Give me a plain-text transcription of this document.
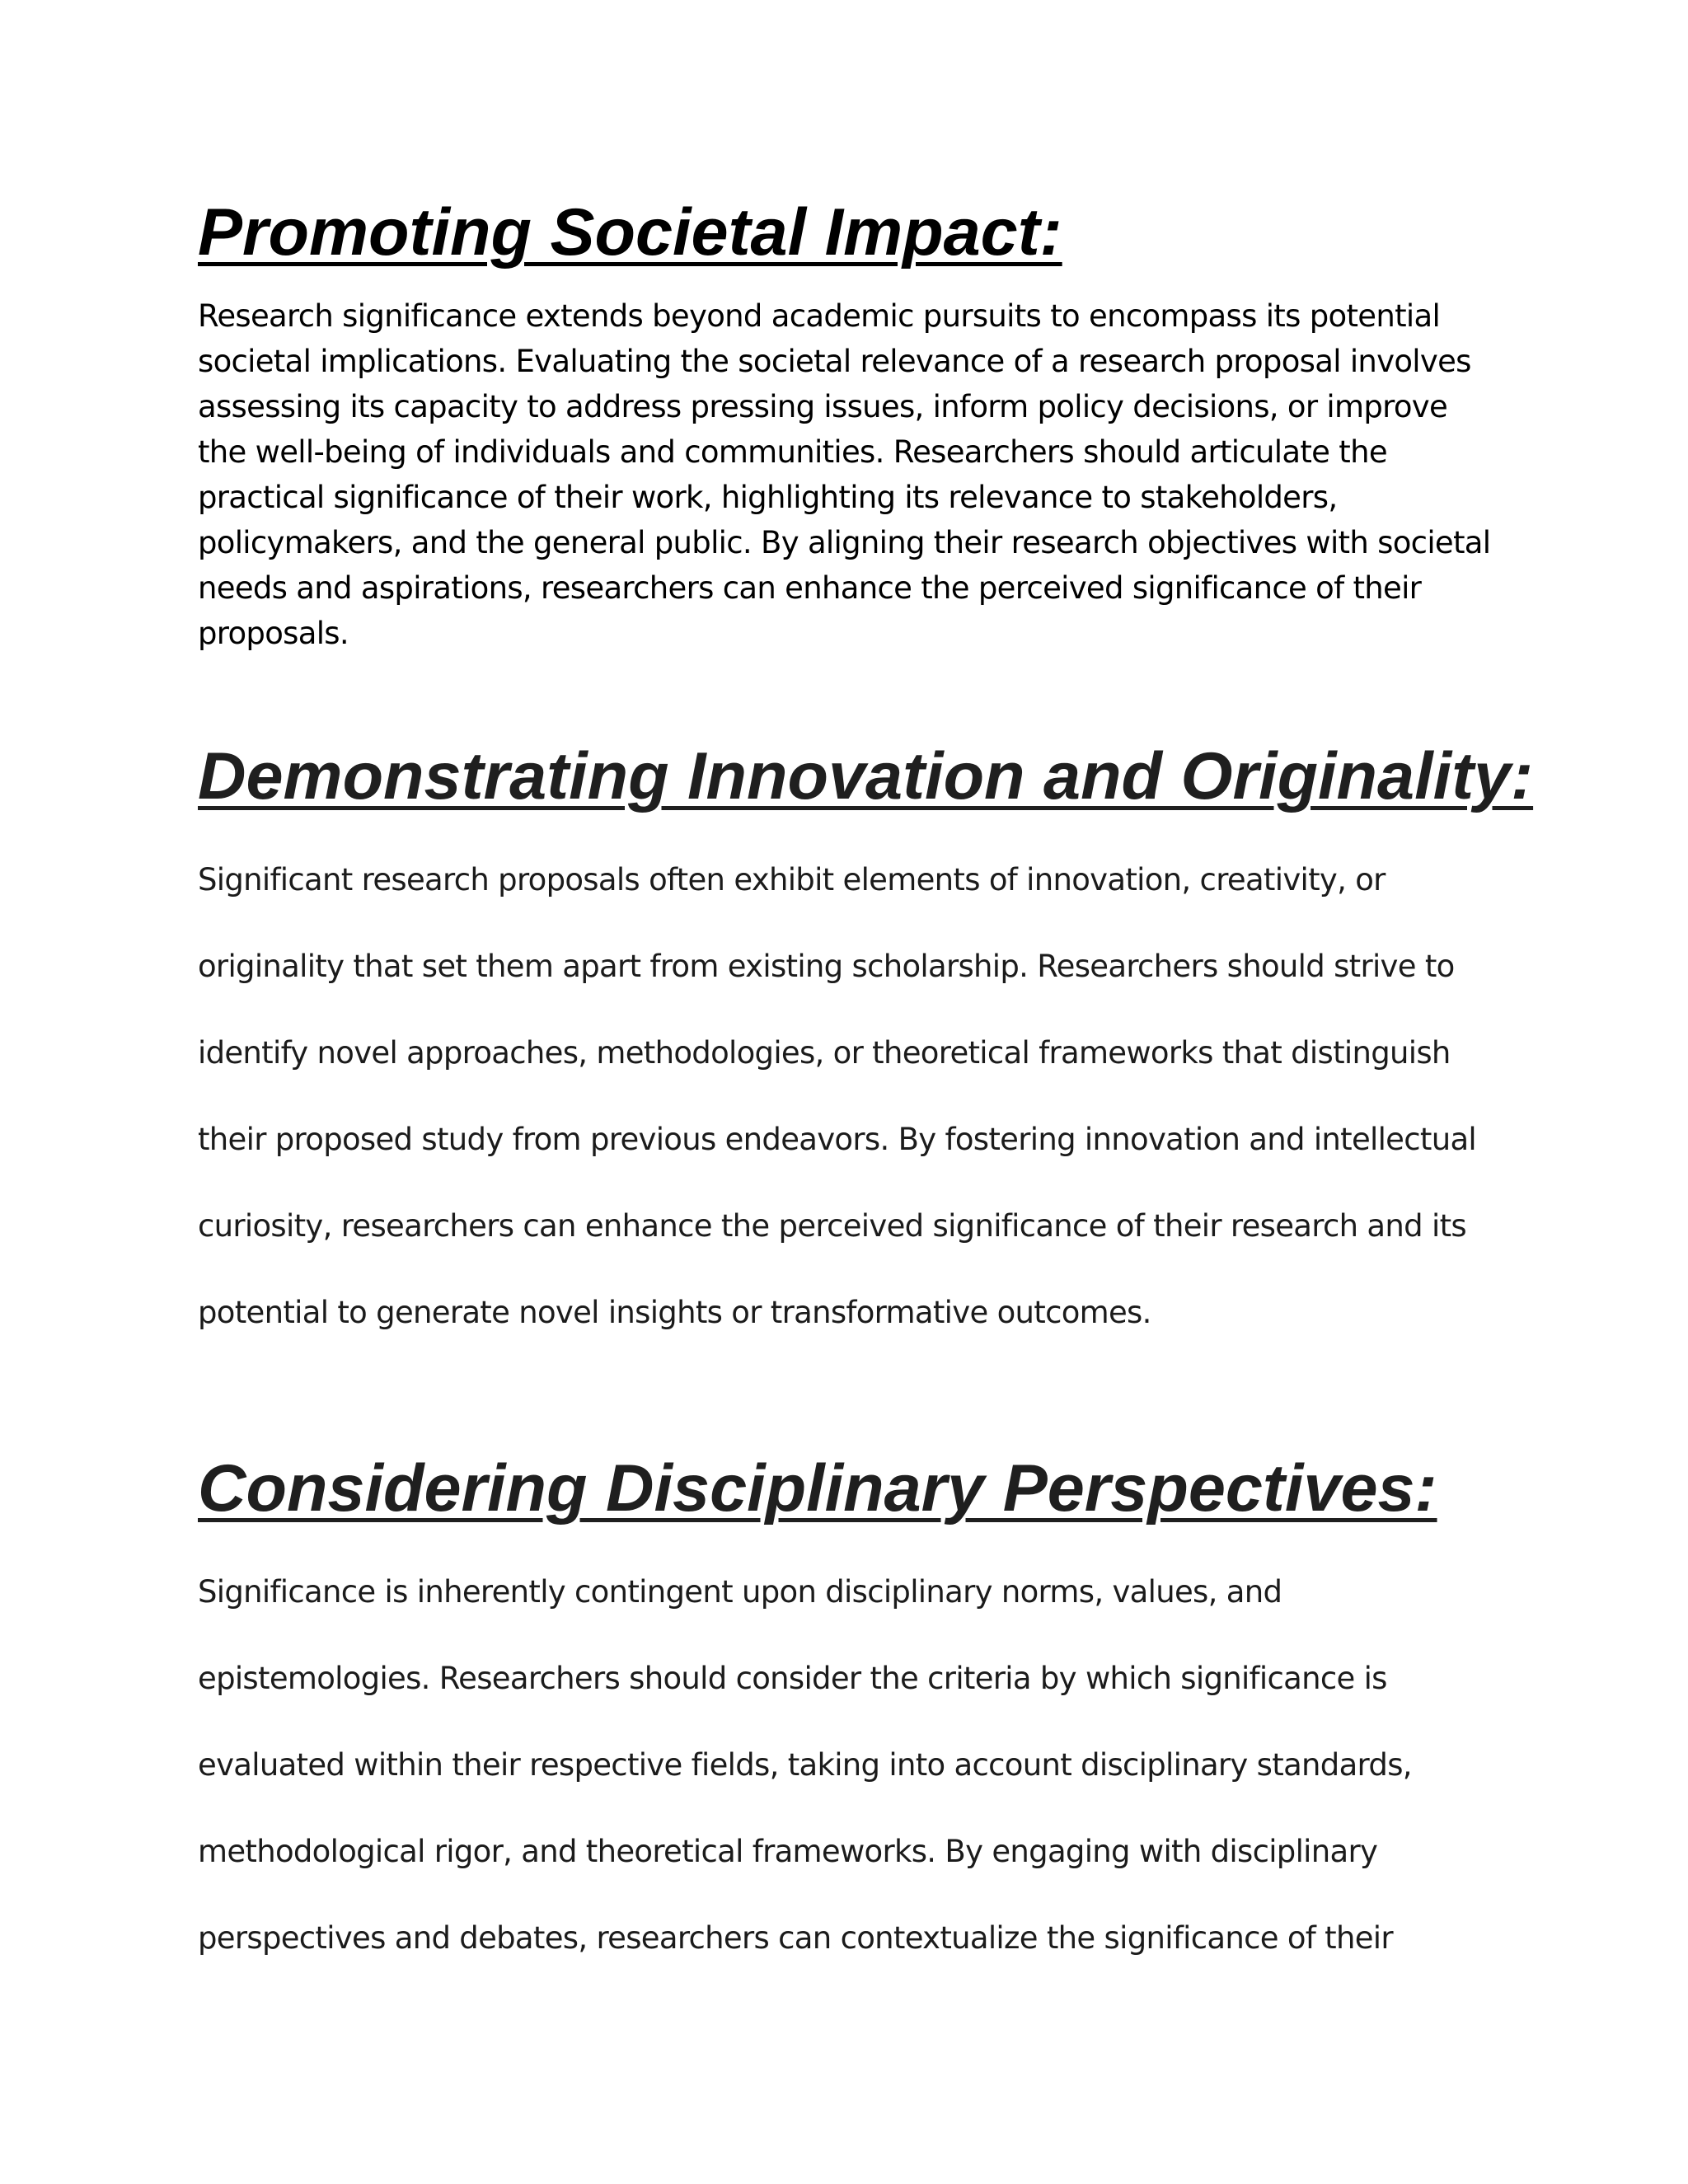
Promoting Societal Impact:

Research significance extends beyond academic pursuits to encompass its potential
societal implications. Evaluating the societal relevance of a research proposal involves
assessing its capacity to address pressing issues, inform policy decisions, or improve
the well-being of individuals and communities. Researchers should articulate the
practical significance of their work, highlighting its relevance to stakeholders,
policymakers, and the general public. By aligning their research objectives with societal
needs and aspirations, researchers can enhance the perceived significance of their
proposals.

Demonstrating Innovation and Originality:

Significant research proposals often exhibit elements of innovation, creativity, or
originality that set them apart from existing scholarship. Researchers should strive to
identify novel approaches, methodologies, or theoretical frameworks that distinguish
their proposed study from previous endeavors. By fostering innovation and intellectual
curiosity, researchers can enhance the perceived significance of their research and its
potential to generate novel insights or transformative outcomes.

Considering Disciplinary Perspectives:

Significance is inherently contingent upon disciplinary norms, values, and
epistemologies. Researchers should consider the criteria by which significance is
evaluated within their respective fields, taking into account disciplinary standards,
methodological rigor, and theoretical frameworks. By engaging with disciplinary
perspectives and debates, researchers can contextualize the significance of their
